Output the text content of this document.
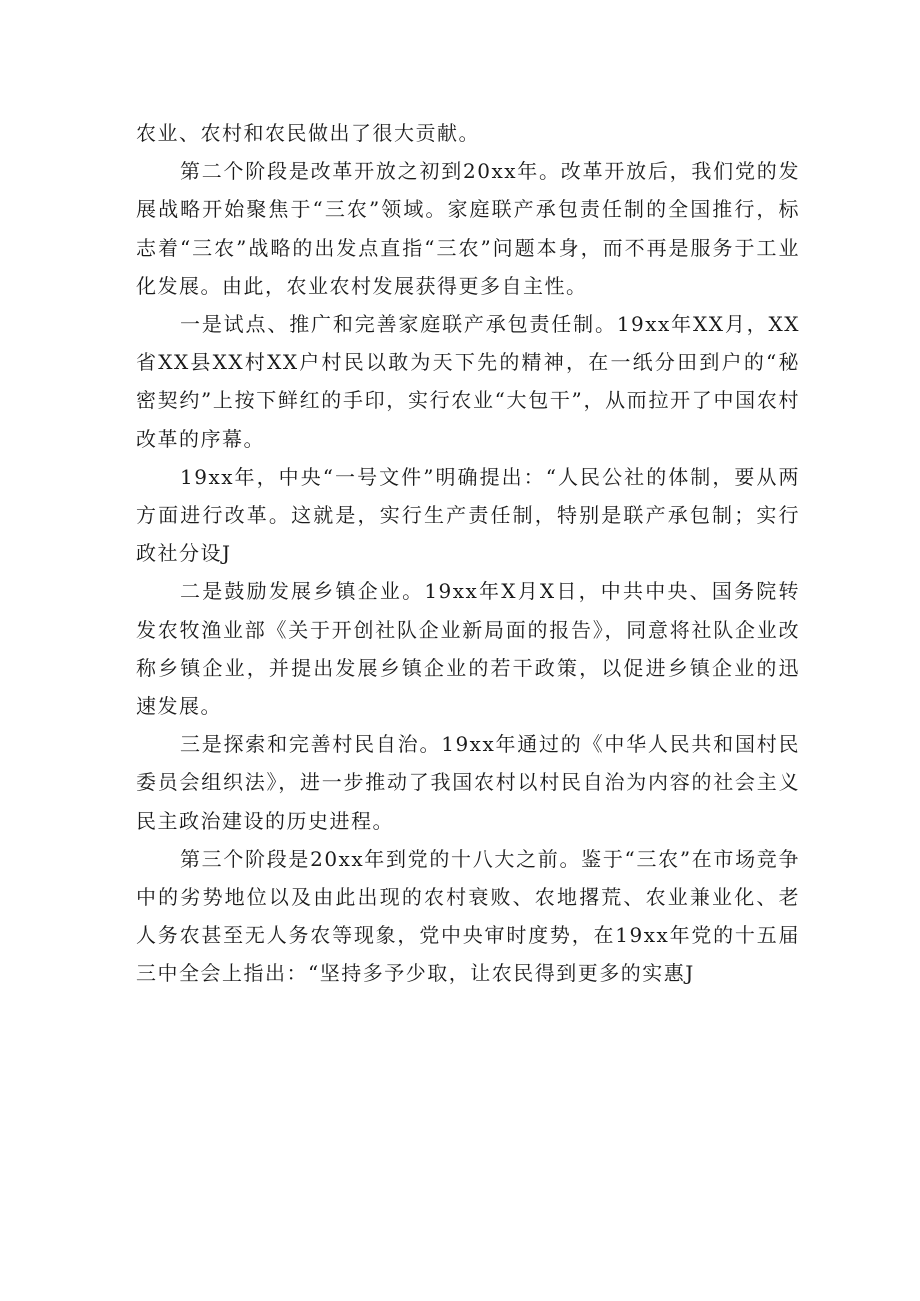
农业、农村和农民做出了很大贡献。

第二个阶段是改革开放之初到20xx年。改革开放后，我们党的发展战略开始聚焦于“三农”领域。家庭联产承包责任制的全国推行，标志着“三农”战略的出发点直指“三农”问题本身，而不再是服务于工业化发展。由此，农业农村发展获得更多自主性。

一是试点、推广和完善家庭联产承包责任制。19xx年XX月，XX省XX县XX村XX户村民以敢为天下先的精神，在一纸分田到户的“秘密契约”上按下鲜红的手印，实行农业“大包干”，从而拉开了中国农村改革的序幕。

19xx年，中央“一号文件”明确提出：“人民公社的体制，要从两方面进行改革。这就是，实行生产责任制，特别是联产承包制；实行政社分设J

二是鼓励发展乡镇企业。19xx年X月X日，中共中央、国务院转发农牧渔业部《关于开创社队企业新局面的报告》，同意将社队企业改称乡镇企业，并提出发展乡镇企业的若干政策，以促进乡镇企业的迅速发展。

三是探索和完善村民自治。19xx年通过的《中华人民共和国村民委员会组织法》，进一步推动了我国农村以村民自治为内容的社会主义民主政治建设的历史进程。

第三个阶段是20xx年到党的十八大之前。鉴于“三农”在市场竞争中的劣势地位以及由此出现的农村衰败、农地撂荒、农业兼业化、老人务农甚至无人务农等现象，党中央审时度势，在19xx年党的十五届三中全会上指出：“坚持多予少取，让农民得到更多的实惠J
